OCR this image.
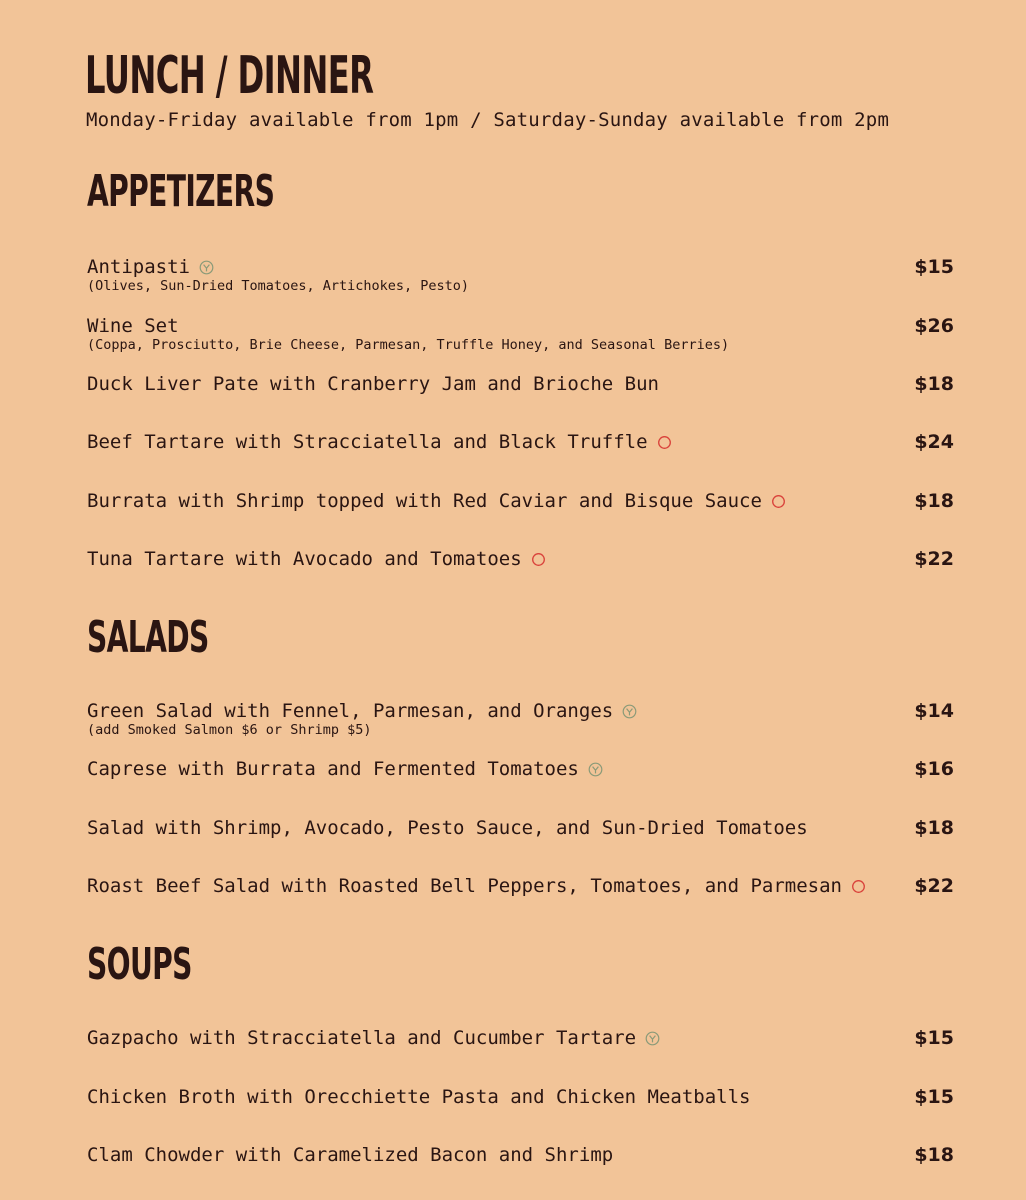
LUNCH / DINNER
Monday-Friday available from 1pm / Saturday-Sunday available from 2pm
APPETIZERS
Antipasti
(Olives, Sun-Dried Tomatoes, Artichokes, Pesto)
$15
Wine Set
(Coppa, Prosciutto, Brie Cheese, Parmesan, Truffle Honey, and Seasonal Berries)
$26
Duck Liver Pate with Cranberry Jam and Brioche Bun	$18
Beef Tartare with Stracciatella and Black Truffle	$24
Burrata with Shrimp topped with Red Caviar and Bisque Sauce	$18
Tuna Tartare with Avocado and Tomatoes	$22
SALADS
Green Salad with Fennel, Parmesan, and Oranges
(add Smoked Salmon $6 or Shrimp $5)
$14
Caprese with Burrata and Fermented Tomatoes	$16
Salad with Shrimp, Avocado, Pesto Sauce, and Sun-Dried Tomatoes	$18
Roast Beef Salad with Roasted Bell Peppers, Tomatoes, and Parmesan	$22
SOUPS
Gazpacho with Stracciatella and Cucumber Tartare	$15
Chicken Broth with Orecchiette Pasta and Chicken Meatballs	$15
Clam Chowder with Caramelized Bacon and Shrimp	$18
